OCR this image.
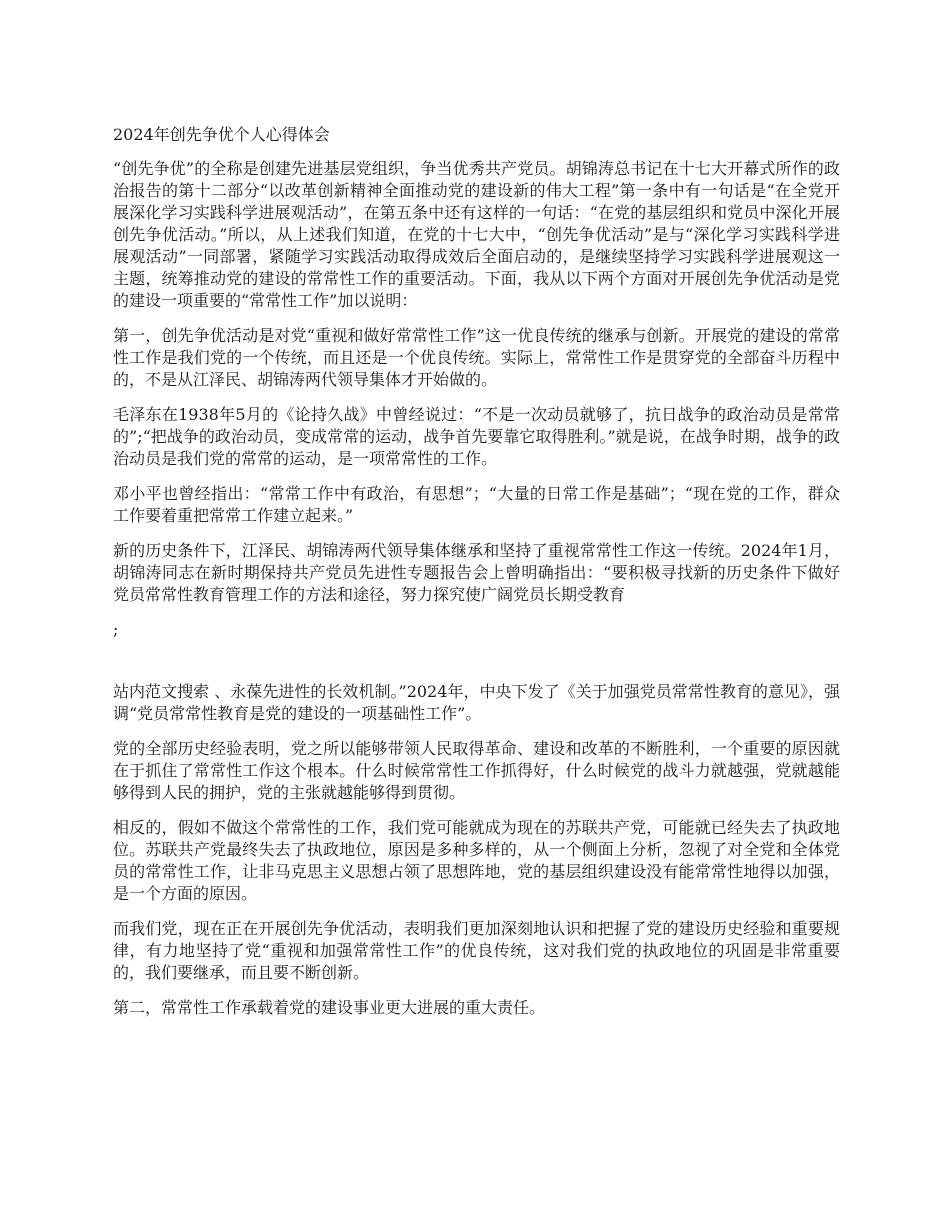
2024年创先争优个人心得体会

“创先争优”的全称是创建先进基层党组织，争当优秀共产党员。胡锦涛总书记在十七大开幕式所作的政治报告的第十二部分“以改革创新精神全面推动党的建设新的伟大工程”第一条中有一句话是“在全党开展深化学习实践科学进展观活动”，在第五条中还有这样的一句话：“在党的基层组织和党员中深化开展创先争优活动。”所以，从上述我们知道，在党的十七大中，“创先争优活动”是与“深化学习实践科学进展观活动”一同部署，紧随学习实践活动取得成效后全面启动的，是继续坚持学习实践科学进展观这一主题，统筹推动党的建设的常常性工作的重要活动。下面，我从以下两个方面对开展创先争优活动是党的建设一项重要的“常常性工作”加以说明：

第一，创先争优活动是对党“重视和做好常常性工作”这一优良传统的继承与创新。开展党的建设的常常性工作是我们党的一个传统，而且还是一个优良传统。实际上，常常性工作是贯穿党的全部奋斗历程中的，不是从江泽民、胡锦涛两代领导集体才开始做的。

毛泽东在1938年5月的《论持久战》中曾经说过：“不是一次动员就够了，抗日战争的政治动员是常常的”;“把战争的政治动员，变成常常的运动，战争首先要靠它取得胜利。”就是说，在战争时期，战争的政治动员是我们党的常常的运动，是一项常常性的工作。

邓小平也曾经指出：“常常工作中有政治，有思想”；“大量的日常工作是基础”；“现在党的工作，群众工作要着重把常常工作建立起来。”

新的历史条件下，江泽民、胡锦涛两代领导集体继承和坚持了重视常常性工作这一传统。2024年1月，胡锦涛同志在新时期保持共产党员先进性专题报告会上曾明确指出：“要积极寻找新的历史条件下做好党员常常性教育管理工作的方法和途径，努力探究使广阔党员长期受教育

;

站内范文搜索 、永葆先进性的长效机制。”2024年，中央下发了《关于加强党员常常性教育的意见》，强调“党员常常性教育是党的建设的一项基础性工作”。

党的全部历史经验表明，党之所以能够带领人民取得革命、建设和改革的不断胜利，一个重要的原因就在于抓住了常常性工作这个根本。什么时候常常性工作抓得好，什么时候党的战斗力就越强，党就越能够得到人民的拥护，党的主张就越能够得到贯彻。

相反的，假如不做这个常常性的工作，我们党可能就成为现在的苏联共产党，可能就已经失去了执政地位。苏联共产党最终失去了执政地位，原因是多种多样的，从一个侧面上分析，忽视了对全党和全体党员的常常性工作，让非马克思主义思想占领了思想阵地，党的基层组织建设没有能常常性地得以加强，是一个方面的原因。

而我们党，现在正在开展创先争优活动，表明我们更加深刻地认识和把握了党的建设历史经验和重要规律，有力地坚持了党“重视和加强常常性工作”的优良传统，这对我们党的执政地位的巩固是非常重要的，我们要继承，而且要不断创新。

第二，常常性工作承载着党的建设事业更大进展的重大责任。
